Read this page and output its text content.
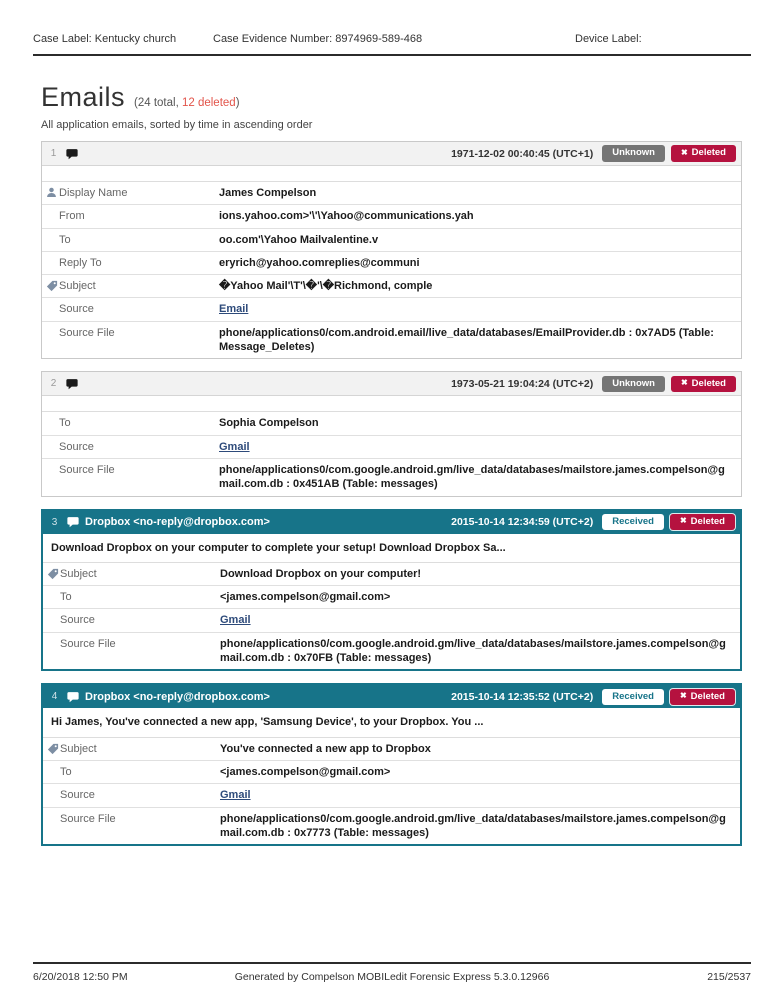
Case Label: Kentucky church	Case Evidence Number: 8974969-589-468	Device Label:
Emails (24 total, 12 deleted)
All application emails, sorted by time in ascending order
1	1971-12-02 00:40:45 (UTC+1)	Unknown	✖ Deleted
Display Name	James Compelson
From	ions.yahoo.com>'\'\Yahoo@communications.yah
To	oo.com'\Yahoo Mailvalentine.v
Reply To	eryrich@yahoo.comreplies@communi
Subject	�Yahoo Mail'\T'\�'\�Richmond, comple
Source	Email
Source File	phone/applications0/com.android.email/live_data/databases/EmailProvider.db : 0x7AD5 (Table: Message_Deletes)
2	1973-05-21 19:04:24 (UTC+2)	Unknown	✖ Deleted
To	Sophia Compelson
Source	Gmail
Source File	phone/applications0/com.google.android.gm/live_data/databases/mailstore.james.compelson@gmail.com.db : 0x451AB (Table: messages)
3	Dropbox <no-reply@dropbox.com>	2015-10-14 12:34:59 (UTC+2)	Received	✖ Deleted
Download Dropbox on your computer to complete your setup! Download Dropbox Sa...
Subject	Download Dropbox on your computer!
To	<james.compelson@gmail.com>
Source	Gmail
Source File	phone/applications0/com.google.android.gm/live_data/databases/mailstore.james.compelson@gmail.com.db : 0x70FB (Table: messages)
4	Dropbox <no-reply@dropbox.com>	2015-10-14 12:35:52 (UTC+2)	Received	✖ Deleted
Hi James, You've connected a new app, 'Samsung Device', to your Dropbox. You ...
Subject	You've connected a new app to Dropbox
To	<james.compelson@gmail.com>
Source	Gmail
Source File	phone/applications0/com.google.android.gm/live_data/databases/mailstore.james.compelson@gmail.com.db : 0x7773 (Table: messages)
6/20/2018 12:50 PM	Generated by Compelson MOBILedit Forensic Express 5.3.0.12966	215/2537
